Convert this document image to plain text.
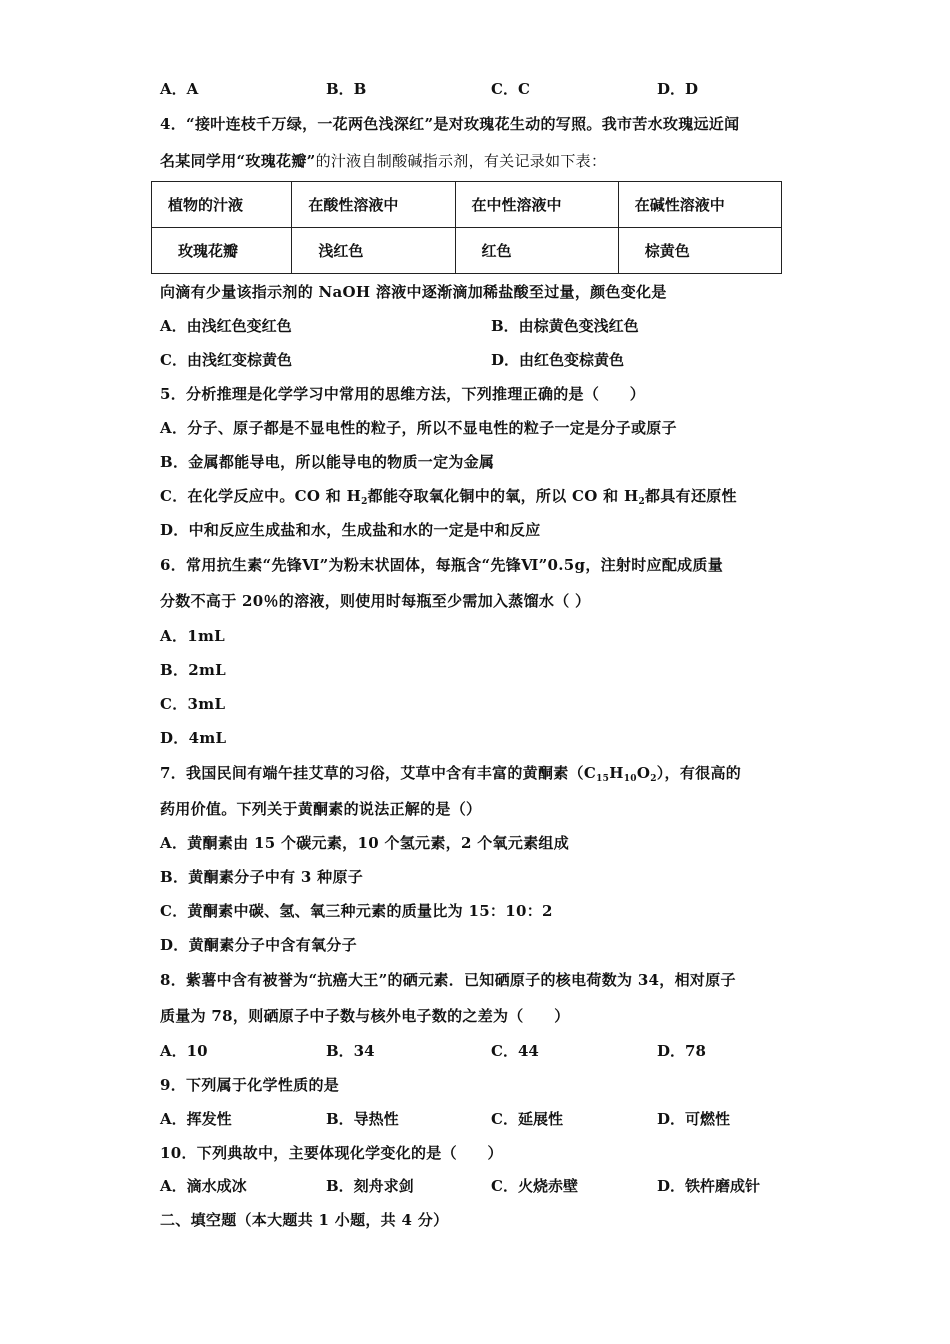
A．A	B．B	C．C	D．D
4．“接叶连枝千万绿，一花两色浅深红”是对玫瑰花生动的写照。我市苦水玫瑰远近闻
名某同学用“玫瑰花瓣”的汁液自制酸碱指示剂，有关记录如下表：
植物的汁液	在酸性溶液中	在中性溶液中	在碱性溶液中
玫瑰花瓣	浅红色	红色	棕黄色
向滴有少量该指示剂的 NaOH 溶液中逐渐滴加稀盐酸至过量，颜色变化是
A．由浅红色变红色	B．由棕黄色变浅红色
C．由浅红变棕黄色	D．由红色变棕黄色
5．分析推理是化学学习中常用的思维方法，下列推理正确的是（　　）
A．分子、原子都是不显电性的粒子，所以不显电性的粒子一定是分子或原子
B．金属都能导电，所以能导电的物质一定为金属
C．在化学反应中。CO 和 $H_2$都能夺取氧化铜中的氧，所以 CO 和 $H_2$都具有还原性
D．中和反应生成盐和水，生成盐和水的一定是中和反应
6．常用抗生素“先锋Ⅵ”为粉末状固体，每瓶含“先锋Ⅵ”0.5g，注射时应配成质量
分数不高于 20％的溶液，则使用时每瓶至少需加入蒸馏水（ ）
A．1mL
B．2mL
C．3mL
D．4mL
7．我国民间有端午挂艾草的习俗，艾草中含有丰富的黄酮素$(C_{15}H_{10}O_2)$，有很高的
药用价值。下列关于黄酮素的说法正解的是（）
A．黄酮素由 15 个碳元素，10 个氢元素，2 个氧元素组成
B．黄酮素分子中有 3 种原子
C．黄酮素中碳、氢、氧三种元素的质量比为 15：10：2
D．黄酮素分子中含有氧分子
8．紫薯中含有被誉为“抗癌大王”的硒元素．已知硒原子的核电荷数为 34，相对原子
质量为 78，则硒原子中子数与核外电子数的之差为（　　）
A．10	B．34	C．44	D．78
9．下列属于化学性质的是
A．挥发性	B．导热性	C．延展性	D．可燃性
10．下列典故中，主要体现化学变化的是（　　）
A．滴水成冰	B．刻舟求剑	C．火烧赤壁	D．铁杵磨成针
二、填空题（本大题共 1 小题，共 4 分）
